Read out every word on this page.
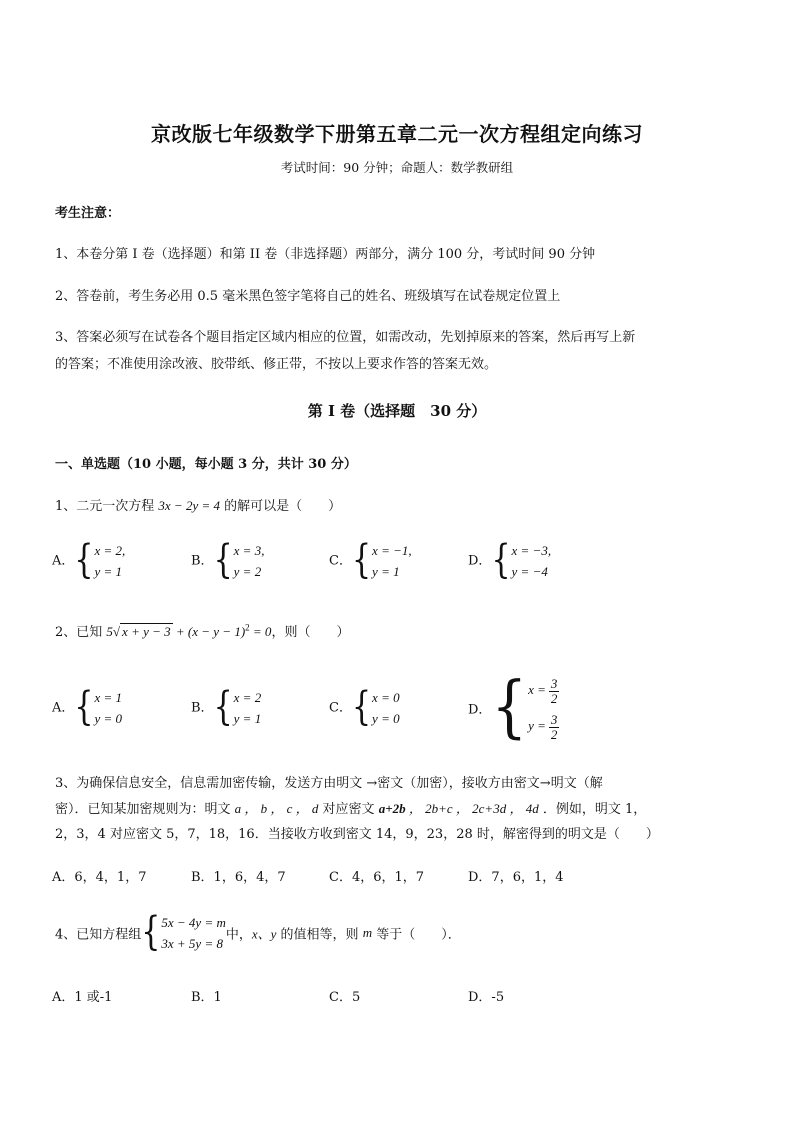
京改版七年级数学下册第五章二元一次方程组定向练习
考试时间：90 分钟；命题人：数学教研组
考生注意：
1、本卷分第 I 卷（选择题）和第 II 卷（非选择题）两部分，满分 100 分，考试时间 90 分钟
2、答卷前，考生务必用 0.5 毫米黑色签字笔将自己的姓名、班级填写在试卷规定位置上
3、答案必须写在试卷各个题目指定区域内相应的位置，如需改动，先划掉原来的答案，然后再写上新
的答案；不准使用涂改液、胶带纸、修正带，不按以上要求作答的答案无效。
第 I 卷（选择题　30 分）
一、单选题（10 小题，每小题 3 分，共计 30 分）
1、二元一次方程 3x − 2y = 4 的解可以是（　　）
A．{ x = 2,
y = 1
B．{ x = 3,
y = 2
C．{ x = −1,
y = 1
D．{ x = −3,
y = −4
2、已知 5√ $x + y - 3 + (x - y - 1)^2 = 0$，则（　　）
A．{ x = 1
y = 0
B．{ x = 2
y = 1
C．{ x = 0
y = 0
D．{ $x = \frac{3}{2}$
$y = \frac{3}{2}$
3、为确保信息安全，信息需加密传输，发送方由明文 →密文（加密），接收方由密文→明文（解
密）．已知某加密规则为：明文 a ， b ， c ， d 对应密文 a+2b ， 2b+c ， 2c+3d ， 4d ．例如，明文 1，
2，3，4 对应密文 5，7，18，16．当接收方收到密文 14，9，23，28 时，解密得到的明文是（　　）
A．6，4，1，7	B．1，6，4，7	C．4，6，1，7	D．7，6，1，4
4、已知方程组{ 5x − 4y = m
3x + 5y = 8
中，x、y 的值相等，则 m 等于（　　）．
A．1 或-1	B．1	C．5	D．-5
